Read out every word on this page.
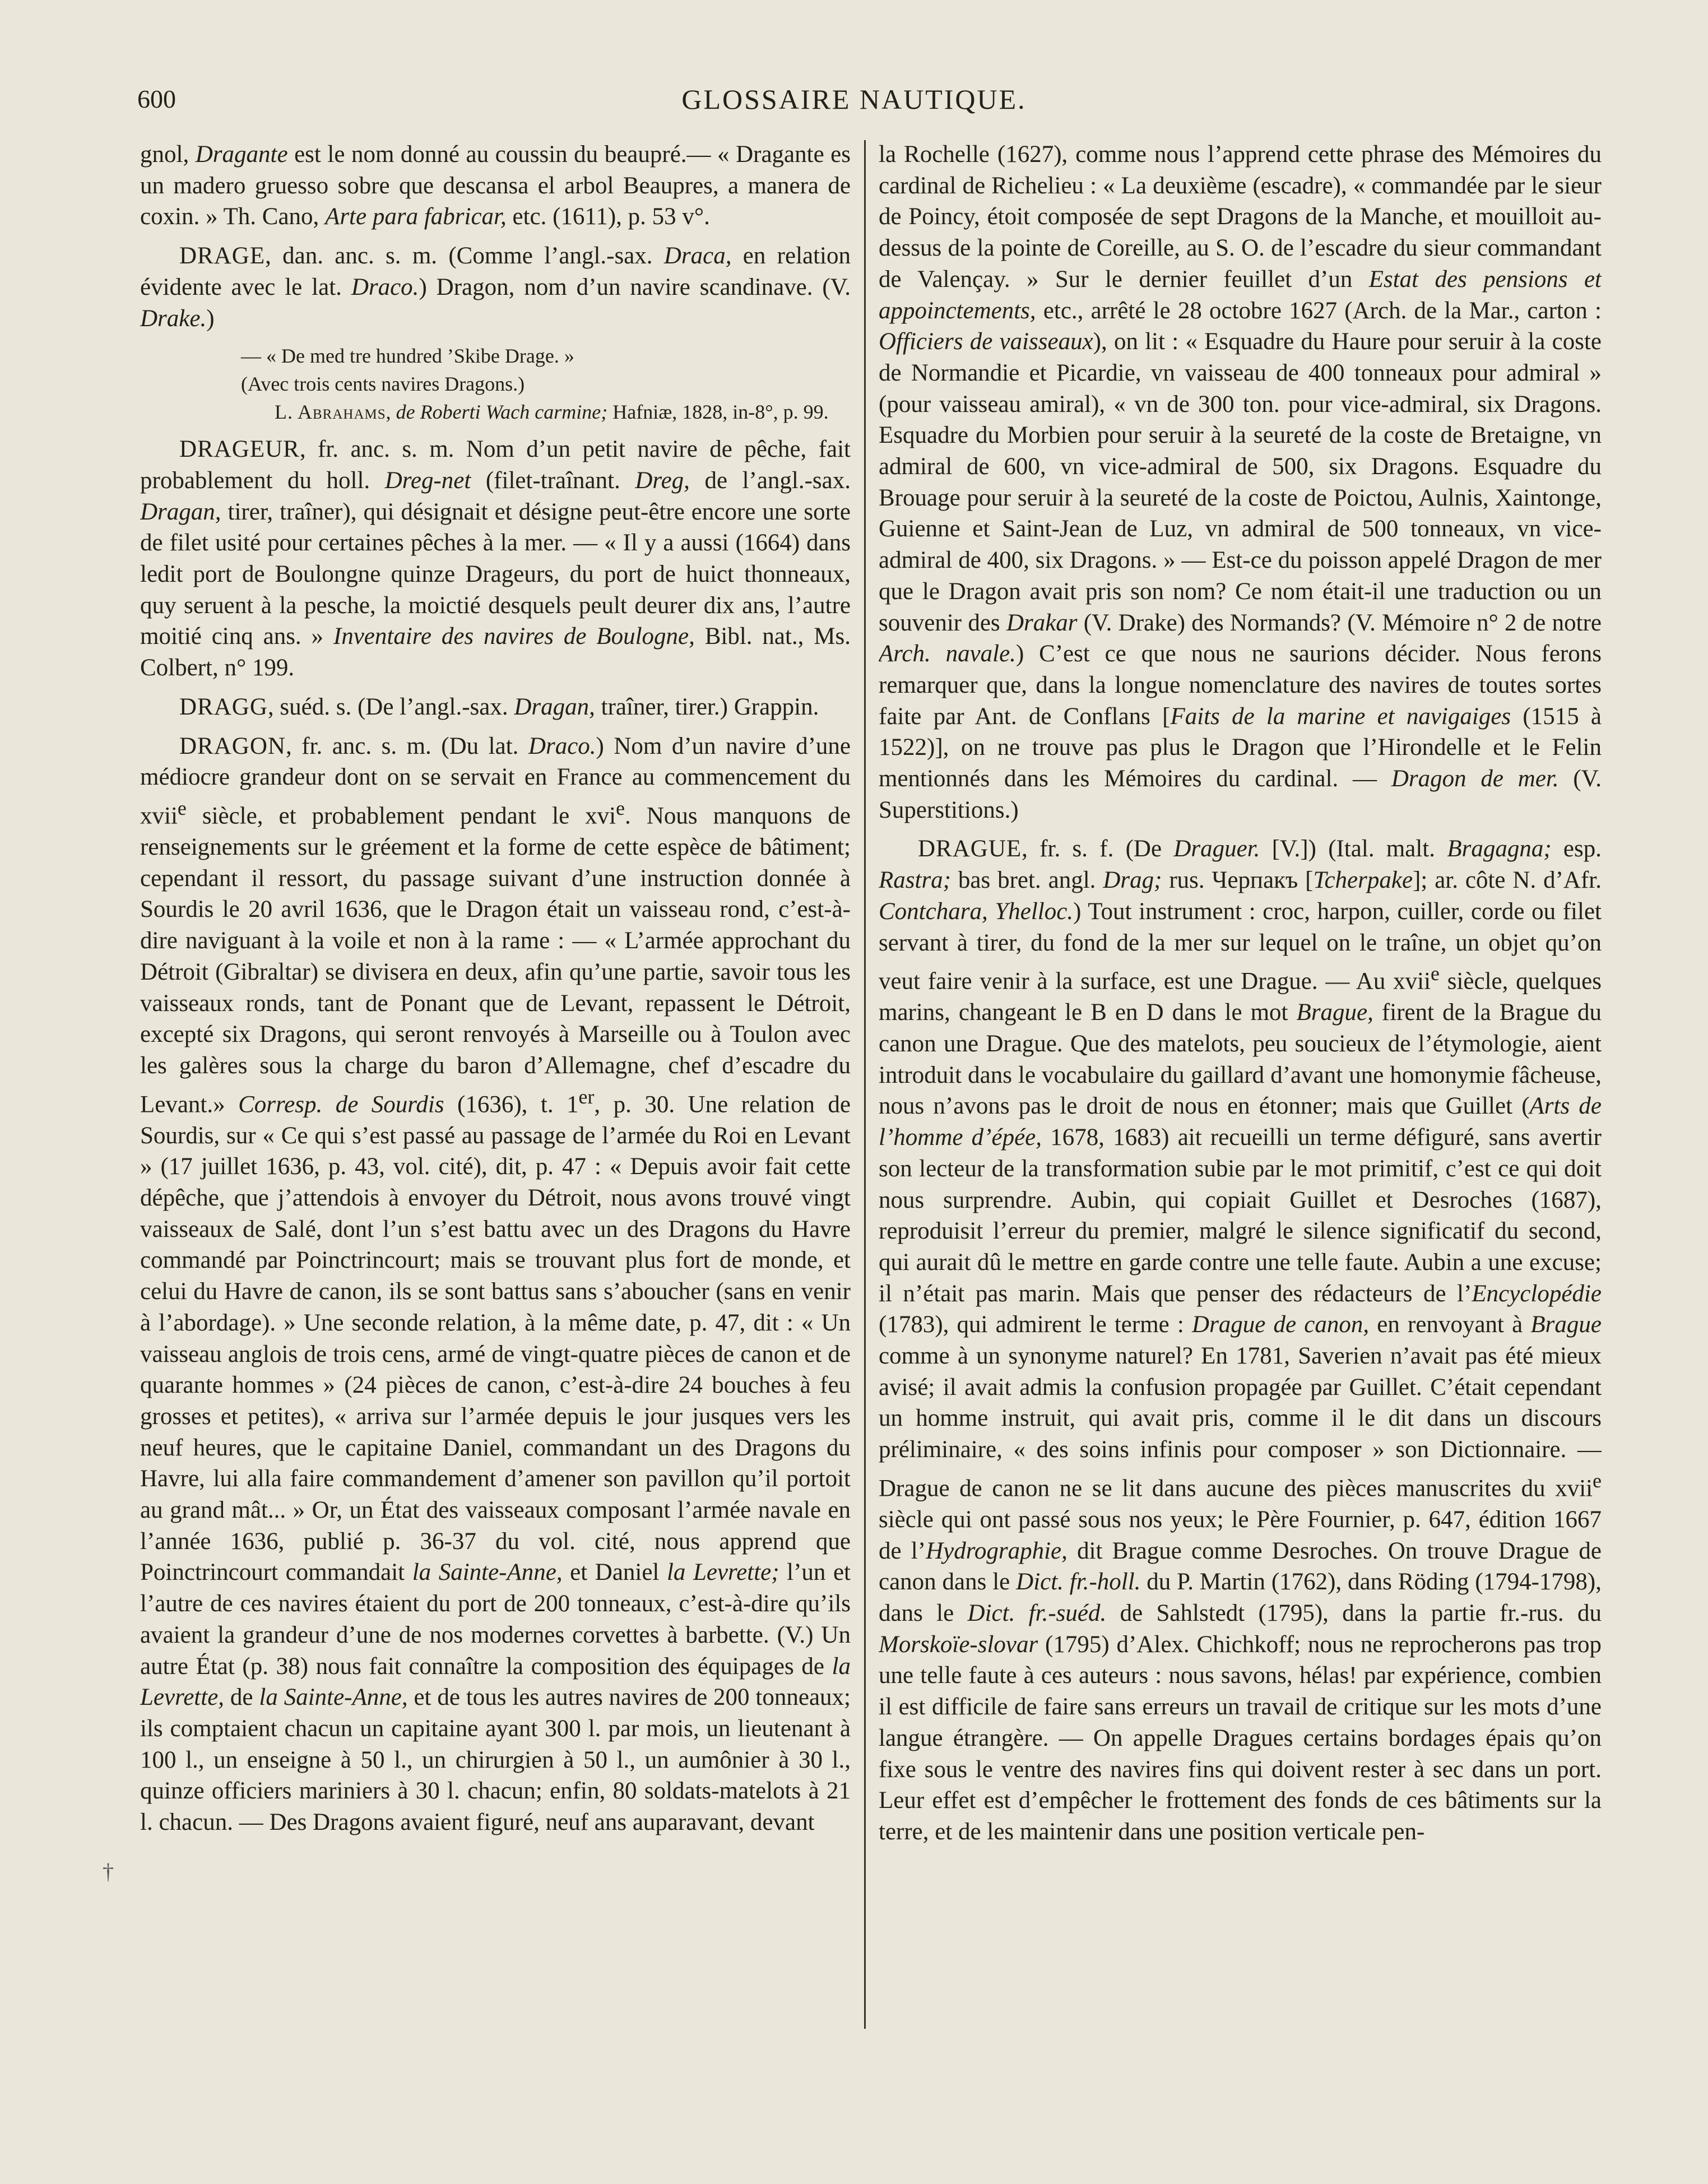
600	GLOSSAIRE NAUTIQUE.
†

gnol, Dragante est le nom donné au coussin du beaupré.— « Dragante es un madero gruesso sobre que descansa el arbol Beaupres, a manera de coxin. » Th. Cano, Arte para fabricar, etc. (1611), p. 53 v°.

DRAGE, dan. anc. s. m. (Comme l’angl.-sax. Draca, en relation évidente avec le lat. Draco.) Dragon, nom d’un navire scandinave. (V. Drake.)

— « De med tre hundred ’Skibe Drage. »

(Avec trois cents navires Dragons.)

L. Abrahams, de Roberti Wach carmine; Hafniæ, 1828, in-8°, p. 99.

DRAGEUR, fr. anc. s. m. Nom d’un petit navire de pêche, fait probablement du holl. Dreg-net (filet-traînant. Dreg, de l’angl.-sax. Dragan, tirer, traîner), qui désignait et désigne peut-être encore une sorte de filet usité pour certaines pêches à la mer. — « Il y a aussi (1664) dans ledit port de Boulongne quinze Drageurs, du port de huict thonneaux, quy seruent à la pesche, la moictié desquels peult deurer dix ans, l’autre moitié cinq ans. » Inventaire des navires de Boulogne, Bibl. nat., Ms. Colbert, n° 199.

DRAGG, suéd. s. (De l’angl.-sax. Dragan, traîner, tirer.) Grappin.

DRAGON, fr. anc. s. m. (Du lat. Draco.) Nom d’un navire d’une médiocre grandeur dont on se servait en France au commencement du xvii$^e$ siècle, et probablement pendant le xvi$^e$. Nous manquons de renseignements sur le gréement et la forme de cette espèce de bâtiment; cependant il ressort, du passage suivant d’une instruction donnée à Sourdis le 20 avril 1636, que le Dragon était un vaisseau rond, c’est-à-dire naviguant à la voile et non à la rame : — « L’armée approchant du Détroit (Gibraltar) se divisera en deux, afin qu’une partie, savoir tous les vaisseaux ronds, tant de Ponant que de Levant, repassent le Détroit, excepté six Dragons, qui seront renvoyés à Marseille ou à Toulon avec les galères sous la charge du baron d’Allemagne, chef d’escadre du Levant.» Corresp. de Sourdis (1636), t. 1er, p. 30. Une relation de Sourdis, sur « Ce qui s’est passé au passage de l’armée du Roi en Levant » (17 juillet 1636, p. 43, vol. cité), dit, p. 47 : « Depuis avoir fait cette dépêche, que j’attendois à envoyer du Détroit, nous avons trouvé vingt vaisseaux de Salé, dont l’un s’est battu avec un des Dragons du Havre commandé par Poinctrincourt; mais se trouvant plus fort de monde, et celui du Havre de canon, ils se sont battus sans s’aboucher (sans en venir à l’abordage). » Une seconde relation, à la même date, p. 47, dit : « Un vaisseau anglois de trois cens, armé de vingt-quatre pièces de canon et de quarante hommes » (24 pièces de canon, c’est-à-dire 24 bouches à feu grosses et petites), « arriva sur l’armée depuis le jour jusques vers les neuf heures, que le capitaine Daniel, commandant un des Dragons du Havre, lui alla faire commandement d’amener son pavillon qu’il portoit au grand mât... » Or, un État des vaisseaux composant l’armée navale en l’année 1636, publié p. 36-37 du vol. cité, nous apprend que Poinctrincourt commandait la Sainte-Anne, et Daniel la Levrette; l’un et l’autre de ces navires étaient du port de 200 tonneaux, c’est-à-dire qu’ils avaient la grandeur d’une de nos modernes corvettes à barbette. (V.) Un autre État (p. 38) nous fait connaître la composition des équipages de la Levrette, de la Sainte-Anne, et de tous les autres navires de 200 tonneaux; ils comptaient chacun un capitaine ayant 300 l. par mois, un lieutenant à 100 l., un enseigne à 50 l., un chirurgien à 50 l., un aumônier à 30 l., quinze officiers mariniers à 30 l. chacun; enfin, 80 soldats-matelots à 21 l. chacun. — Des Dragons avaient figuré, neuf ans auparavant, devant

la Rochelle (1627), comme nous l’apprend cette phrase des Mémoires du cardinal de Richelieu : « La deuxième (escadre), « commandée par le sieur de Poincy, étoit composée de sept Dragons de la Manche, et mouilloit au-dessus de la pointe de Coreille, au S. O. de l’escadre du sieur commandant de Valençay. » Sur le dernier feuillet d’un Estat des pensions et appoinctements, etc., arrêté le 28 octobre 1627 (Arch. de la Mar., carton : Officiers de vaisseaux), on lit : « Esquadre du Haure pour seruir à la coste de Normandie et Picardie, vn vaisseau de 400 tonneaux pour admiral » (pour vaisseau amiral), « vn de 300 ton. pour vice-admiral, six Dragons. Esquadre du Morbien pour seruir à la seureté de la coste de Bretaigne, vn admiral de 600, vn vice-admiral de 500, six Dragons. Esquadre du Brouage pour seruir à la seureté de la coste de Poictou, Aulnis, Xaintonge, Guienne et Saint-Jean de Luz, vn admiral de 500 tonneaux, vn vice-admiral de 400, six Dragons. » — Est-ce du poisson appelé Dragon de mer que le Dragon avait pris son nom? Ce nom était-il une traduction ou un souvenir des Drakar (V. Drake) des Normands? (V. Mémoire n° 2 de notre Arch. navale.) C’est ce que nous ne saurions décider. Nous ferons remarquer que, dans la longue nomenclature des navires de toutes sortes faite par Ant. de Conflans [Faits de la marine et navigaiges (1515 à 1522)], on ne trouve pas plus le Dragon que l’Hirondelle et le Felin mentionnés dans les Mémoires du cardinal. — Dragon de mer. (V. Superstitions.)

DRAGUE, fr. s. f. (De Draguer. [V.]) (Ital. malt. Bragagna; esp. Rastra; bas bret. angl. Drag; rus. Черпакъ [Tcherpake]; ar. côte N. d’Afr. Contchara, Yhelloc.) Tout instrument : croc, harpon, cuiller, corde ou filet servant à tirer, du fond de la mer sur lequel on le traîne, un objet qu’on veut faire venir à la surface, est une Drague. — Au xvii$^e$ siècle, quelques marins, changeant le B en D dans le mot Brague, firent de la Brague du canon une Drague. Que des matelots, peu soucieux de l’étymologie, aient introduit dans le vocabulaire du gaillard d’avant une homonymie fâcheuse, nous n’avons pas le droit de nous en étonner; mais que Guillet (Arts de l’homme d’épée, 1678, 1683) ait recueilli un terme défiguré, sans avertir son lecteur de la transformation subie par le mot primitif, c’est ce qui doit nous surprendre. Aubin, qui copiait Guillet et Desroches (1687), reproduisit l’erreur du premier, malgré le silence significatif du second, qui aurait dû le mettre en garde contre une telle faute. Aubin a une excuse; il n’était pas marin. Mais que penser des rédacteurs de l’Encyclopédie (1783), qui admirent le terme : Drague de canon, en renvoyant à Brague comme à un synonyme naturel? En 1781, Saverien n’avait pas été mieux avisé; il avait admis la confusion propagée par Guillet. C’était cependant un homme instruit, qui avait pris, comme il le dit dans un discours préliminaire, « des soins infinis pour composer » son Dictionnaire. — Drague de canon ne se lit dans aucune des pièces manuscrites du xvii$^e$ siècle qui ont passé sous nos yeux; le Père Fournier, p. 647, édition 1667 de l’Hydrographie, dit Brague comme Desroches. On trouve Drague de canon dans le Dict. fr.-holl. du P. Martin (1762), dans Röding (1794-1798), dans le Dict. fr.-suéd. de Sahlstedt (1795), dans la partie fr.-rus. du Morskoïe-slovar (1795) d’Alex. Chichkoff; nous ne reprocherons pas trop une telle faute à ces auteurs : nous savons, hélas! par expérience, combien il est difficile de faire sans erreurs un travail de critique sur les mots d’une langue étrangère. — On appelle Dragues certains bordages épais qu’on fixe sous le ventre des navires fins qui doivent rester à sec dans un port. Leur effet est d’empêcher le frottement des fonds de ces bâtiments sur la terre, et de les maintenir dans une position verticale pen-
